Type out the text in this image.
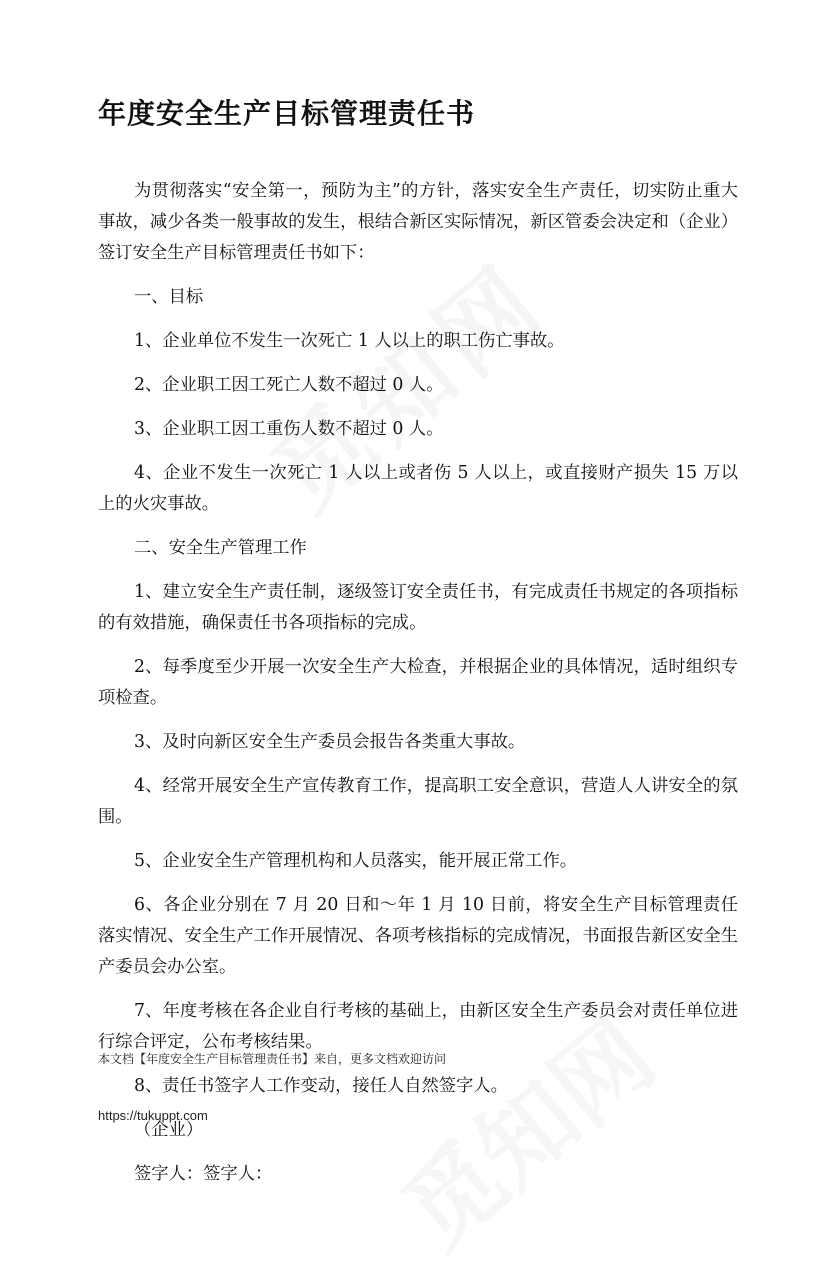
年度安全生产目标管理责任书

为贯彻落实“安全第一，预防为主”的方针，落实安全生产责任，切实防止重大事故，减少各类一般事故的发生，根结合新区实际情况，新区管委会决定和（企业）签订安全生产目标管理责任书如下：

一、目标

1、企业单位不发生一次死亡 1 人以上的职工伤亡事故。

2、企业职工因工死亡人数不超过 0 人。

3、企业职工因工重伤人数不超过 0 人。

4、企业不发生一次死亡 1 人以上或者伤 5 人以上，或直接财产损失 15 万以上的火灾事故。

二、安全生产管理工作

1、建立安全生产责任制，逐级签订安全责任书，有完成责任书规定的各项指标的有效措施，确保责任书各项指标的完成。

2、每季度至少开展一次安全生产大检查，并根据企业的具体情况，适时组织专项检查。

3、及时向新区安全生产委员会报告各类重大事故。

4、经常开展安全生产宣传教育工作，提高职工安全意识，营造人人讲安全的氛围。

5、企业安全生产管理机构和人员落实，能开展正常工作。

6、各企业分别在 7 月 20 日和～年 1 月 10 日前，将安全生产目标管理责任落实情况、安全生产工作开展情况、各项考核指标的完成情况，书面报告新区安全生产委员会办公室。

7、年度考核在各企业自行考核的基础上，由新区安全生产委员会对责任单位进行综合评定，公布考核结果。

8、责任书签字人工作变动，接任人自然签字人。

（企业）

签字人：签字人：

本文档【年度安全生产目标管理责任书】来自，更多文档欢迎访问
https://tukuppt.com
